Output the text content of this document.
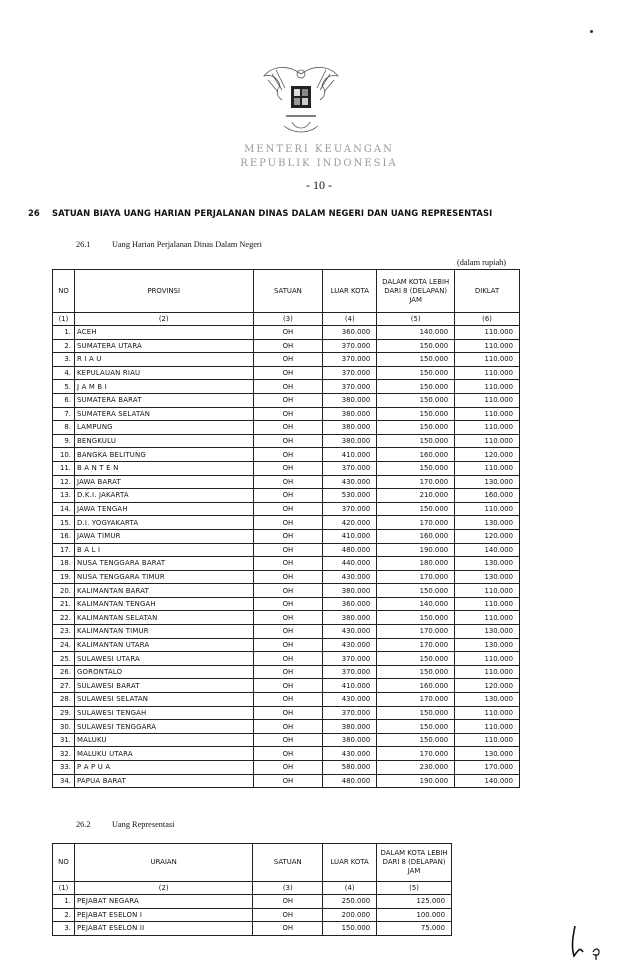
MENTERI KEUANGAN
REPUBLIK INDONESIA
- 10 -
26 SATUAN BIAYA UANG HARIAN PERJALANAN DINAS DALAM NEGERI DAN UANG REPRESENTASI
26.1	Uang Harian Perjalanan Dinas Dalam Negeri
(dalam rupiah)
NO	PROVINSI	SATUAN	LUAR KOTA	DALAM KOTA LEBIH DARI 8 (DELAPAN) JAM	DIKLAT
(1)	(2)	(3)	(4)	(5)	(6)
1.	ACEH	OH	360.000	140.000	110.000
2.	SUMATERA UTARA	OH	370.000	150.000	110.000
3.	R I A U	OH	370.000	150.000	110.000
4.	KEPULAUAN RIAU	OH	370.000	150.000	110.000
5.	J A M B I	OH	370.000	150.000	110.000
6.	SUMATERA BARAT	OH	380.000	150.000	110.000
7.	SUMATERA SELATAN	OH	380.000	150.000	110.000
8.	LAMPUNG	OH	380.000	150.000	110.000
9.	BENGKULU	OH	380.000	150.000	110.000
10.	BANGKA BELITUNG	OH	410.000	160.000	120.000
11.	B A N T E N	OH	370.000	150.000	110.000
12.	JAWA BARAT	OH	430.000	170.000	130.000
13.	D.K.I. JAKARTA	OH	530.000	210.000	160.000
14.	JAWA TENGAH	OH	370.000	150.000	110.000
15.	D.I. YOGYAKARTA	OH	420.000	170.000	130.000
16.	JAWA TIMUR	OH	410.000	160.000	120.000
17.	B A L I	OH	480.000	190.000	140.000
18.	NUSA TENGGARA BARAT	OH	440.000	180.000	130.000
19.	NUSA TENGGARA TIMUR	OH	430.000	170.000	130.000
20.	KALIMANTAN BARAT	OH	380.000	150.000	110.000
21.	KALIMANTAN TENGAH	OH	360.000	140.000	110.000
22.	KALIMANTAN SELATAN	OH	380.000	150.000	110.000
23.	KALIMANTAN TIMUR	OH	430.000	170.000	130.000
24.	KALIMANTAN UTARA	OH	430.000	170.000	130.000
25.	SULAWESI UTARA	OH	370.000	150.000	110.000
26.	GORONTALO	OH	370.000	150.000	110.000
27.	SULAWESI BARAT	OH	410.000	160.000	120.000
28.	SULAWESI SELATAN	OH	430.000	170.000	130.000
29.	SULAWESI TENGAH	OH	370.000	150.000	110.000
30.	SULAWESI TENGGARA	OH	380.000	150.000	110.000
31.	MALUKU	OH	380.000	150.000	110.000
32.	MALUKU UTARA	OH	430.000	170.000	130.000
33.	P A P U A	OH	580.000	230.000	170.000
34.	PAPUA BARAT	OH	480.000	190.000	140.000
26.2	Uang Representasi
NO	URAIAN	SATUAN	LUAR KOTA	DALAM KOTA LEBIH DARI 8 (DELAPAN) JAM
(1)	(2)	(3)	(4)	(5)
1.	PEJABAT NEGARA	OH	250.000	125.000
2.	PEJABAT ESELON I	OH	200.000	100.000
3.	PEJABAT ESELON II	OH	150.000	75.000
